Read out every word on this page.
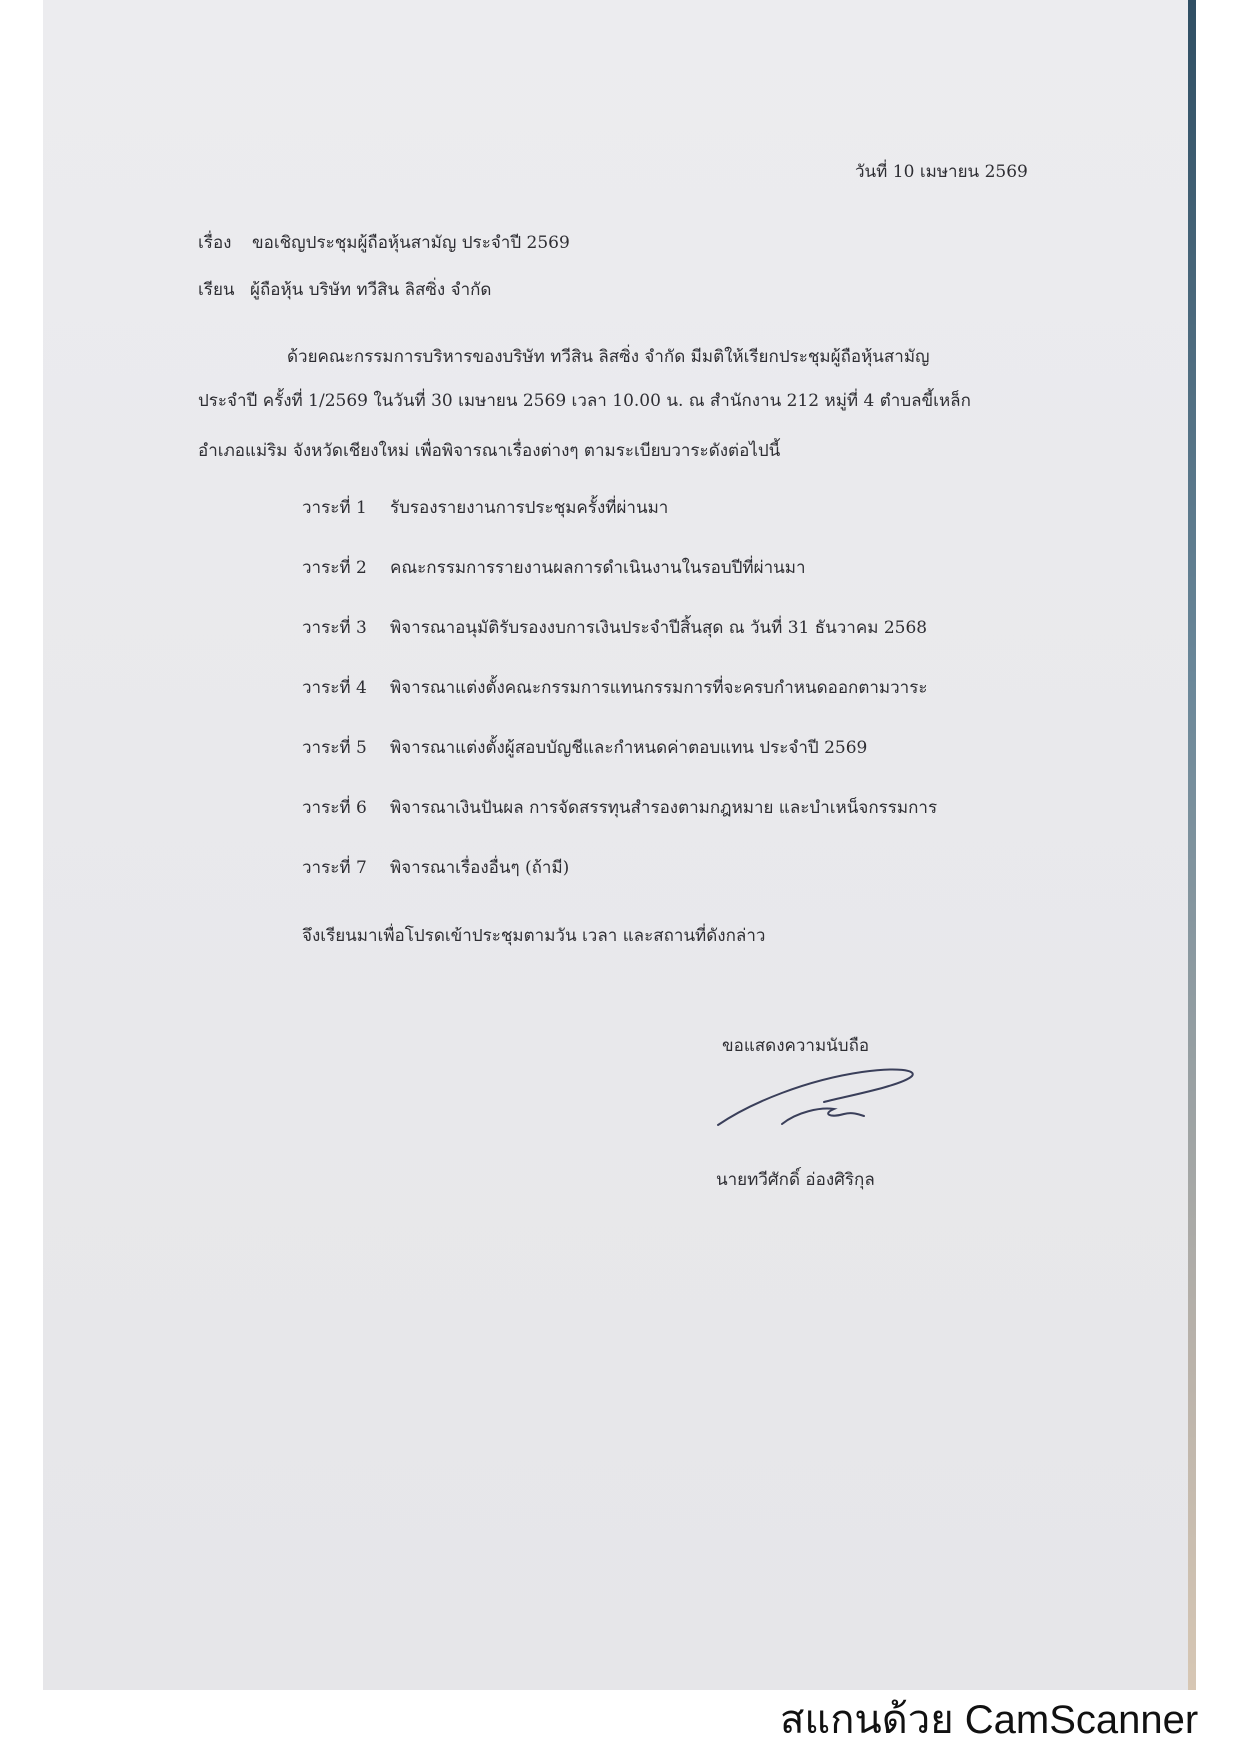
วันที่ 10 เมษายน 2569
เรื่อง ขอเชิญประชุมผู้ถือหุ้นสามัญ ประจำปี 2569
เรียน ผู้ถือหุ้น บริษัท ทวีสิน ลิสซิ่ง จำกัด
ด้วยคณะกรรมการบริหารของบริษัท ทวีสิน ลิสซิ่ง จำกัด มีมติให้เรียกประชุมผู้ถือหุ้นสามัญ
ประจำปี ครั้งที่ 1/2569 ในวันที่ 30 เมษายน 2569 เวลา 10.00 น. ณ สำนักงาน 212 หมู่ที่ 4 ตำบลขี้เหล็ก
อำเภอแม่ริม จังหวัดเชียงใหม่ เพื่อพิจารณาเรื่องต่างๆ ตามระเบียบวาระดังต่อไปนี้
วาระที่ 1 รับรองรายงานการประชุมครั้งที่ผ่านมา
วาระที่ 2 คณะกรรมการรายงานผลการดำเนินงานในรอบปีที่ผ่านมา
วาระที่ 3 พิจารณาอนุมัติรับรองงบการเงินประจำปีสิ้นสุด ณ วันที่ 31 ธันวาคม 2568
วาระที่ 4 พิจารณาแต่งตั้งคณะกรรมการแทนกรรมการที่จะครบกำหนดออกตามวาระ
วาระที่ 5 พิจารณาแต่งตั้งผู้สอบบัญชีและกำหนดค่าตอบแทน ประจำปี 2569
วาระที่ 6 พิจารณาเงินปันผล การจัดสรรทุนสำรองตามกฎหมาย และบำเหน็จกรรมการ
วาระที่ 7 พิจารณาเรื่องอื่นๆ (ถ้ามี)
จึงเรียนมาเพื่อโปรดเข้าประชุมตามวัน เวลา และสถานที่ดังกล่าว
ขอแสดงความนับถือ
นายทวีศักดิ์ อ่องศิริกุล
สแกนด้วย CamScanner
